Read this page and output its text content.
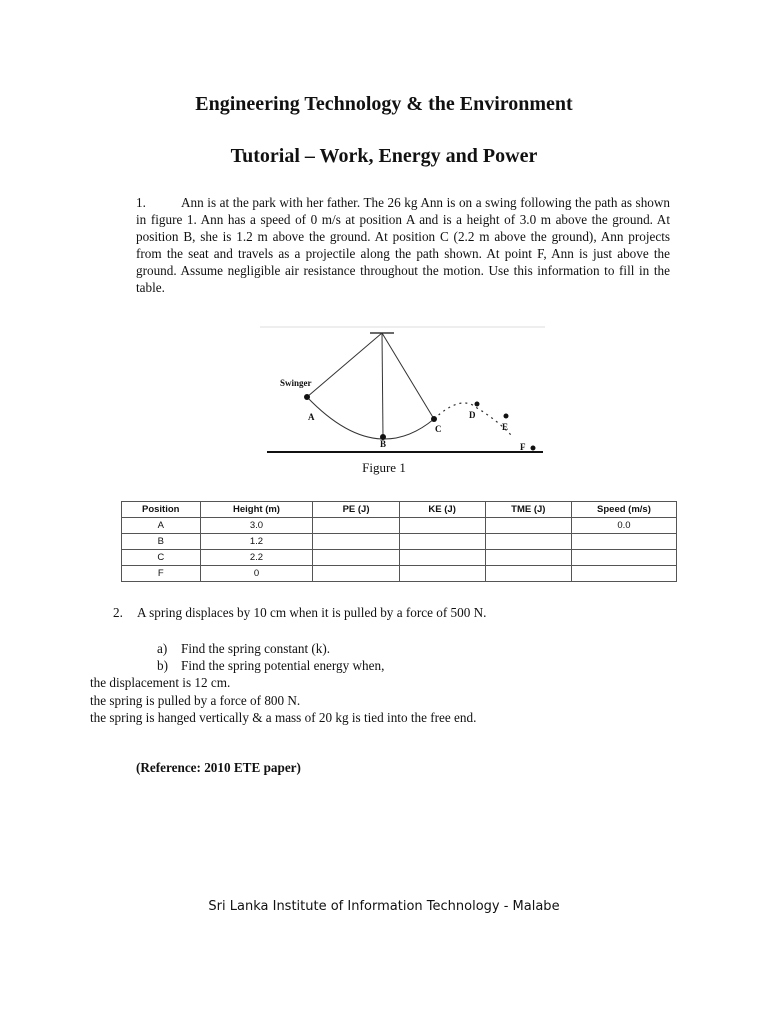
Engineering Technology & the Environment
Tutorial – Work, Energy and Power

1.	Ann is at the park with her father. The 26 kg Ann is on a swing following the path as shown in figure 1. Ann has a speed of 0 m/s at position A and is a height of 3.0 m above the ground. At position B, she is 1.2 m above the ground. At position C (2.2 m above the ground), Ann projects from the seat and travels as a projectile along the path shown. At point F, Ann is just above the ground. Assume negligible air resistance throughout the motion. Use this information to fill in the table.

Swinger
A
B
C
D
E
F

Figure 1

Position	Height (m)	PE (J)	KE (J)	TME (J)	Speed (m/s)
A	3.0				0.0
B	1.2				
C	2.2				
F	0				

2. A spring displaces by 10 cm when it is pulled by a force of 500 N.

a) Find the spring constant (k).

b) Find the spring potential energy when,

the displacement is 12 cm.

the spring is pulled by a force of 800 N.

the spring is hanged vertically & a mass of 20 kg is tied into the free end.

(Reference: 2010 ETE paper)

Sri Lanka Institute of Information Technology - Malabe
